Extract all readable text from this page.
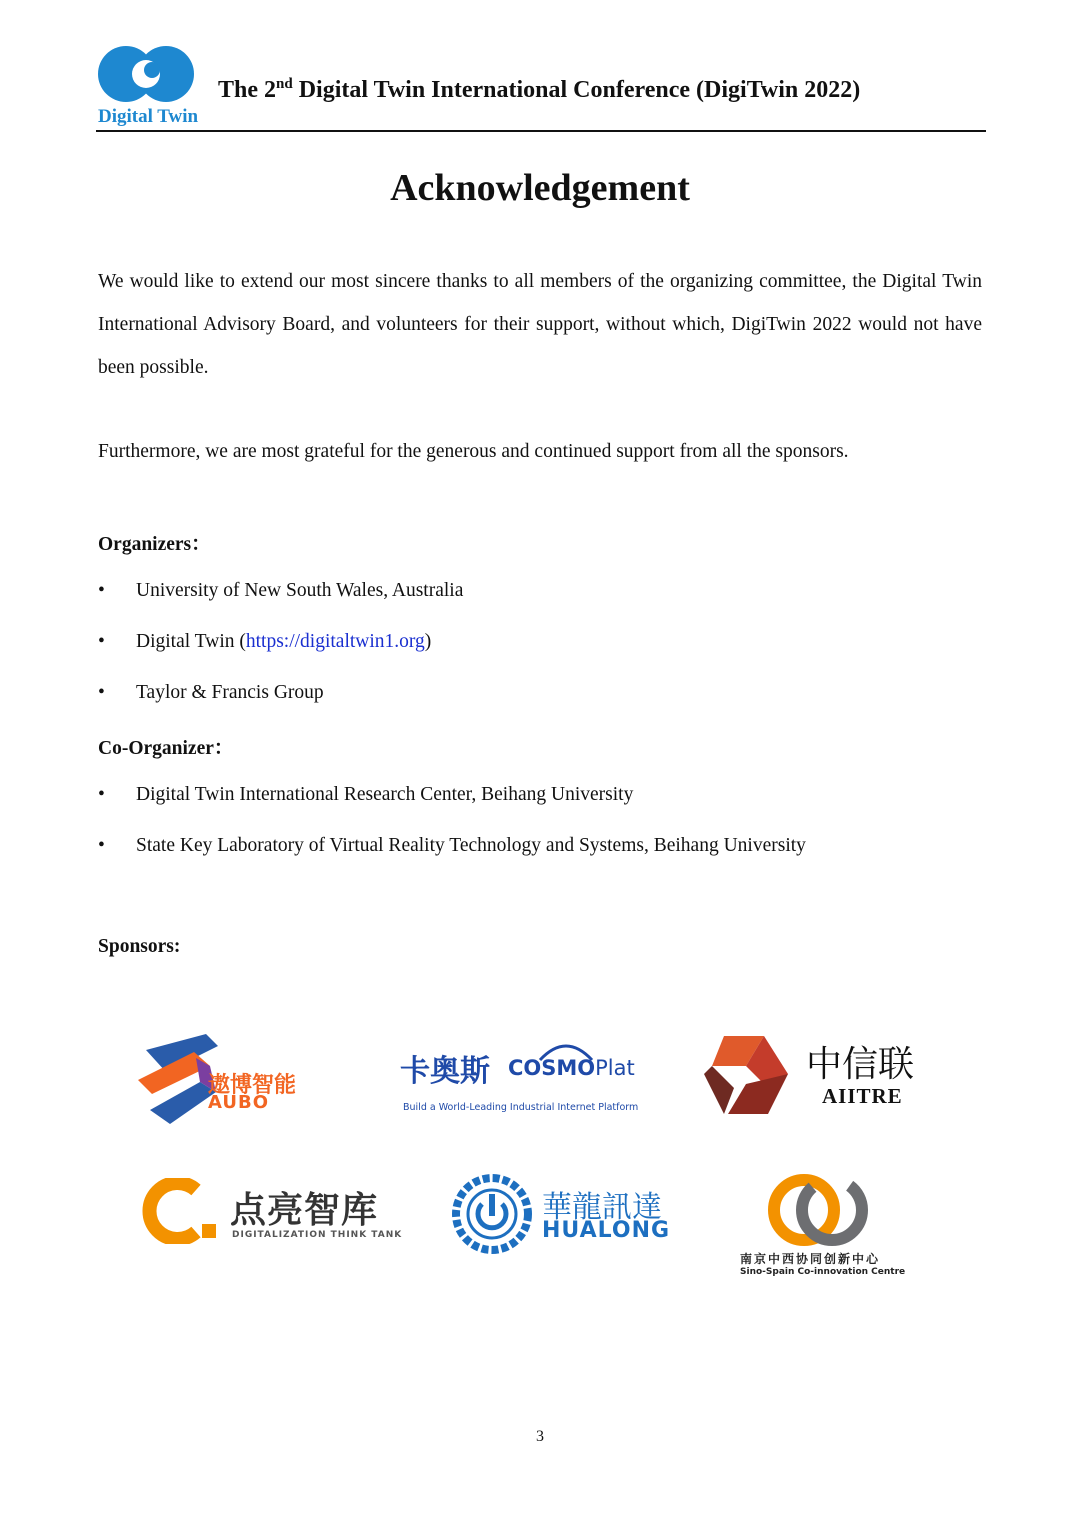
Digital Twin
The 2nd Digital Twin International Conference (DigiTwin 2022)
Acknowledgement
We would like to extend our most sincere thanks to all members of the organizing committee, the Digital Twin International Advisory Board, and volunteers for their support, without which, DigiTwin 2022 would not have been possible.
Furthermore, we are most grateful for the generous and continued support from all the sponsors.
Organizers：
• University of New South Wales, Australia
• Digital Twin (https://digitaltwin1.org)
• Taylor & Francis Group
Co-Organizer：
• Digital Twin International Research Center, Beihang University
• State Key Laboratory of Virtual Reality Technology and Systems, Beihang University
Sponsors:
遨博智能
AUBO
卡奥斯 COSMOPlat
Build a World-Leading Industrial Internet Platform
中信联
AIITRE
点亮智库
DIGITALIZATION THINK TANK
華龍訊達
HUALONG
南京中西协同创新中心
Sino-Spain Co-innovation Centre
3
